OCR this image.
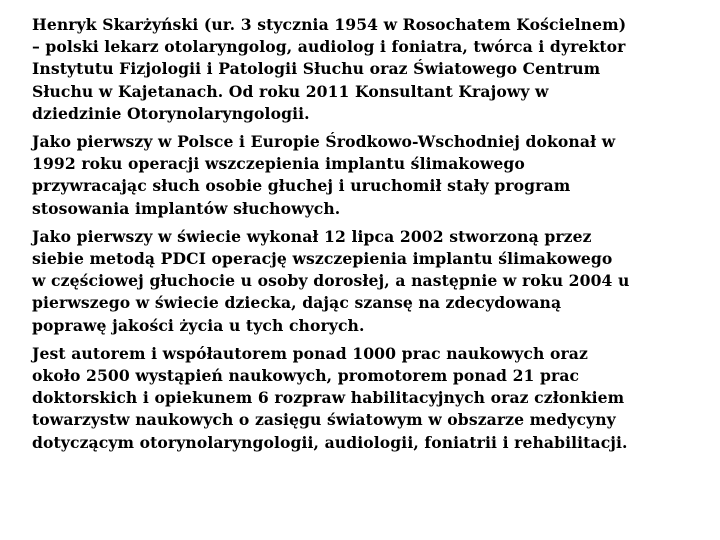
Henryk Skarżyński (ur. 3 stycznia 1954 w Rosochatem Kościelnem)
– polski lekarz otolaryngolog, audiolog i foniatra, twórca i dyrektor
Instytutu Fizjologii i Patologii Słuchu oraz Światowego Centrum
Słuchu w Kajetanach. Od roku 2011 Konsultant Krajowy w
dziedzinie Otorynolaryngologii.

Jako pierwszy w Polsce i Europie Środkowo-Wschodniej dokonał w
1992 roku operacji wszczepienia implantu ślimakowego
przywracając słuch osobie głuchej i uruchomił stały program
stosowania implantów słuchowych.

Jako pierwszy w świecie wykonał 12 lipca 2002 stworzoną przez
siebie metodą PDCI operację wszczepienia implantu ślimakowego
w częściowej głuchocie u osoby dorosłej, a następnie w roku 2004 u
pierwszego w świecie dziecka, dając szansę na zdecydowaną
poprawę jakości życia u tych chorych.

Jest autorem i współautorem ponad 1000 prac naukowych oraz
około 2500 wystąpień naukowych, promotorem ponad 21 prac
doktorskich i opiekunem 6 rozpraw habilitacyjnych oraz członkiem
towarzystw naukowych o zasięgu światowym w obszarze medycyny
dotyczącym otorynolaryngologii, audiologii, foniatrii i rehabilitacji.
